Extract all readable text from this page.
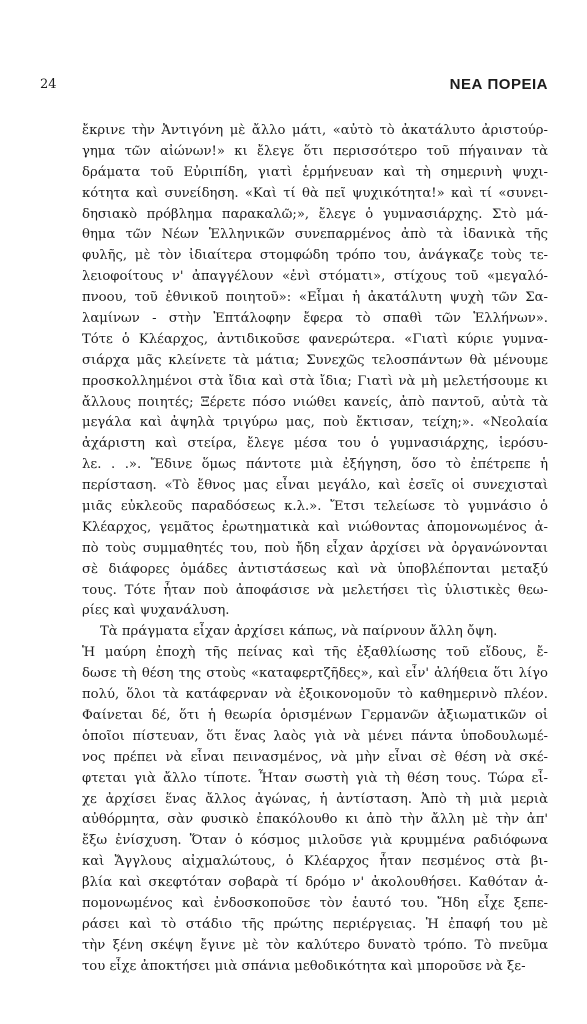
24	ΝΕΑ ΠΟΡΕΙΑ
ἔκρινε τὴν Ἀντιγόνη μὲ ἄλλο μάτι, «αὐτὸ τὸ ἀκατάλυτο ἀριστούρ-
γημα τῶν αἰώνων!» κι ἔλεγε ὅτι περισσότερο τοῦ πήγαιναν τὰ
δράματα τοῦ Εὐριπίδη, γιατὶ ἑρμήνευαν καὶ τὴ σημερινὴ ψυχι-
κότητα καὶ συνείδηση. «Καὶ τί θὰ πεῖ ψυχικότητα!» καὶ τί «συνει-
δησιακὸ πρόβλημα παρακαλῶ;», ἔλεγε ὁ γυμνασιάρχης. Στὸ μά-
θημα τῶν Νέων Ἑλληνικῶν συνεπαρμένος ἀπὸ τὰ ἰδανικὰ τῆς
φυλῆς, μὲ τὸν ἰδιαίτερα στομφώδη τρόπο του, ἀνάγκαζε τοὺς τε-
λειοφοίτους ν' ἀπαγγέλουν «ἑνὶ στόματι», στίχους τοῦ «μεγαλό-
πνοου, τοῦ ἐθνικοῦ ποιητοῦ»: «Εἶμαι ἡ ἀκατάλυτη ψυχὴ τῶν Σα-
λαμίνων - στὴν Ἐπτάλοφην ἔφερα τὸ σπαθὶ τῶν Ἑλλήνων».
Τότε ὁ Κλέαρχος, ἀντιδικοῦσε φανερώτερα. «Γιατὶ κύριε γυμνα-
σιάρχα μᾶς κλείνετε τὰ μάτια; Συνεχῶς τελοσπάντων θὰ μένουμε
προσκολλημένοι στὰ ἴδια καὶ στὰ ἴδια; Γιατὶ νὰ μὴ μελετήσουμε κι
ἄλλους ποιητές; Ξέρετε πόσο νιώθει κανείς, ἀπὸ παντοῦ, αὐτὰ τὰ
μεγάλα καὶ ἀψηλὰ τριγύρω μας, ποὺ ἔκτισαν, τείχη;». «Νεολαία
ἀχάριστη καὶ στείρα, ἔλεγε μέσα του ὁ γυμνασιάρχης, ἱερόσυ-
λε. . .». Ἔδινε ὅμως πάντοτε μιὰ ἐξήγηση, ὅσο τὸ ἐπέτρεπε ἡ
περίσταση. «Τὸ ἔθνος μας εἶναι μεγάλο, καὶ ἐσεῖς οἱ συνεχισταὶ
μιᾶς εὐκλεοῦς παραδόσεως κ.λ.». Ἔτσι τελείωσε τὸ γυμνάσιο ὁ
Κλέαρχος, γεμᾶτος ἐρωτηματικὰ καὶ νιώθοντας ἀπομονωμένος ἀ-
πὸ τοὺς συμμαθητές του, ποὺ ἤδη εἶχαν ἀρχίσει νὰ ὀργανώνονται
σὲ διάφορες ὁμάδες ἀντιστάσεως καὶ νὰ ὑποβλέπονται μεταξύ
τους. Τότε ἦταν ποὺ ἀποφάσισε νὰ μελετήσει τὶς ὑλιστικὲς θεω-
ρίες καὶ ψυχανάλυση.
Τὰ πράγματα εἶχαν ἀρχίσει κάπως, νὰ παίρνουν ἄλλη ὄψη.
Ἡ μαύρη ἐποχὴ τῆς πείνας καὶ τῆς ἐξαθλίωσης τοῦ εἴδους, ἔ-
δωσε τὴ θέση της στοὺς «καταφερτζῆδες», καὶ εἶν' ἀλήθεια ὅτι λίγο
πολύ, ὅλοι τὰ κατάφερναν νὰ ἐξοικονομοῦν τὸ καθημερινὸ πλέον.
Φαίνεται δέ, ὅτι ἡ θεωρία ὁρισμένων Γερμανῶν ἀξιωματικῶν οἱ
ὁποῖοι πίστευαν, ὅτι ἕνας λαὸς γιὰ νὰ μένει πάντα ὑποδουλωμέ-
νος πρέπει νὰ εἶναι πεινασμένος, νὰ μὴν εἶναι σὲ θέση νὰ σκέ-
φτεται γιὰ ἄλλο τίποτε. Ἦταν σωστὴ γιὰ τὴ θέση τους. Τώρα εἶ-
χε ἀρχίσει ἕνας ἄλλος ἀγώνας, ἡ ἀντίσταση. Ἀπὸ τὴ μιὰ μεριὰ
αὐθόρμητα, σὰν φυσικὸ ἐπακόλουθο κι ἀπὸ τὴν ἄλλη μὲ τὴν ἀπ'
ἔξω ἐνίσχυση. Ὅταν ὁ κόσμος μιλοῦσε γιὰ κρυμμένα ραδιόφωνα
καὶ Ἄγγλους αἰχμαλώτους, ὁ Κλέαρχος ἦταν πεσμένος στὰ βι-
βλία καὶ σκεφτόταν σοβαρὰ τί δρόμο ν' ἀκολουθήσει. Καθόταν ἀ-
πομονωμένος καὶ ἐνδοσκοποῦσε τὸν ἑαυτό του. Ἤδη εἶχε ξεπε-
ράσει καὶ τὸ στάδιο τῆς πρώτης περιέργειας. Ἡ ἐπαφή του μὲ
τὴν ξένη σκέψη ἔγινε μὲ τὸν καλύτερο δυνατὸ τρόπο. Τὸ πνεῦμα
του εἶχε ἀποκτήσει μιὰ σπάνια μεθοδικότητα καὶ μποροῦσε νὰ ξε-
